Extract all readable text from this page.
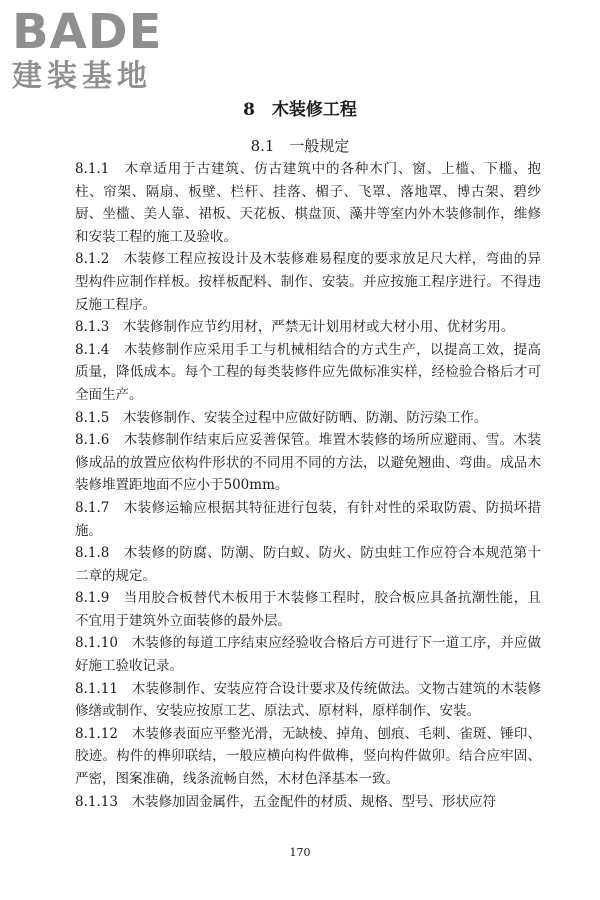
BADE
建装基地
8　木装修工程
8.1　一般规定

8.1.1　木章适用于古建筑、仿古建筑中的各种木门、窗、上槛、下槛、抱柱、帘架、隔扇、板壁、栏杆、挂落、楣子、飞罩、落地罩、博古架、碧纱厨、坐槛、美人靠、裙板、天花板、棋盘顶、藻井等室内外木装修制作，维修和安装工程的施工及验收。

8.1.2　木装修工程应按设计及木装修难易程度的要求放足尺大样，弯曲的异型构件应制作样板。按样板配料、制作、安装。并应按施工程序进行。不得违反施工程序。

8.1.3　木装修制作应节约用材，严禁无计划用材或大材小用、优材劣用。

8.1.4　木装修制作应采用手工与机械相结合的方式生产，以提高工效，提高质量，降低成本。每个工程的每类装修件应先做标准实样，经检验合格后才可全面生产。

8.1.5　木装修制作、安装全过程中应做好防晒、防潮、防污染工作。

8.1.6　木装修制作结束后应妥善保管。堆置木装修的场所应避雨、雪。木装修成品的放置应依构件形状的不同用不同的方法，以避免翘曲、弯曲。成品木装修堆置距地面不应小于500mm。

8.1.7　木装修运输应根据其特征进行包装，有针对性的采取防震、防损坏措施。

8.1.8　木装修的防腐、防潮、防白蚁、防火、防虫蛀工作应符合本规范第十二章的规定。

8.1.9　当用胶合板替代木板用于木装修工程时，胶合板应具备抗潮性能，且不宜用于建筑外立面装修的最外层。

8.1.10　木装修的每道工序结束应经验收合格后方可进行下一道工序，并应做好施工验收记录。

8.1.11　木装修制作、安装应符合设计要求及传统做法。文物古建筑的木装修修缮或制作、安装应按原工艺、原法式、原材料，原样制作、安装。

8.1.12　木装修表面应平整光滑，无缺棱、掉角、刨痕、毛刺、雀斑、锤印、胶迹。构件的榫卯联结，一般应横向构件做榫，竖向构件做卯。结合应牢固、严密，图案准确，线条流畅自然，木材色泽基本一致。

8.1.13　木装修加固金属件，五金配件的材质、规格、型号、形状应符

170
